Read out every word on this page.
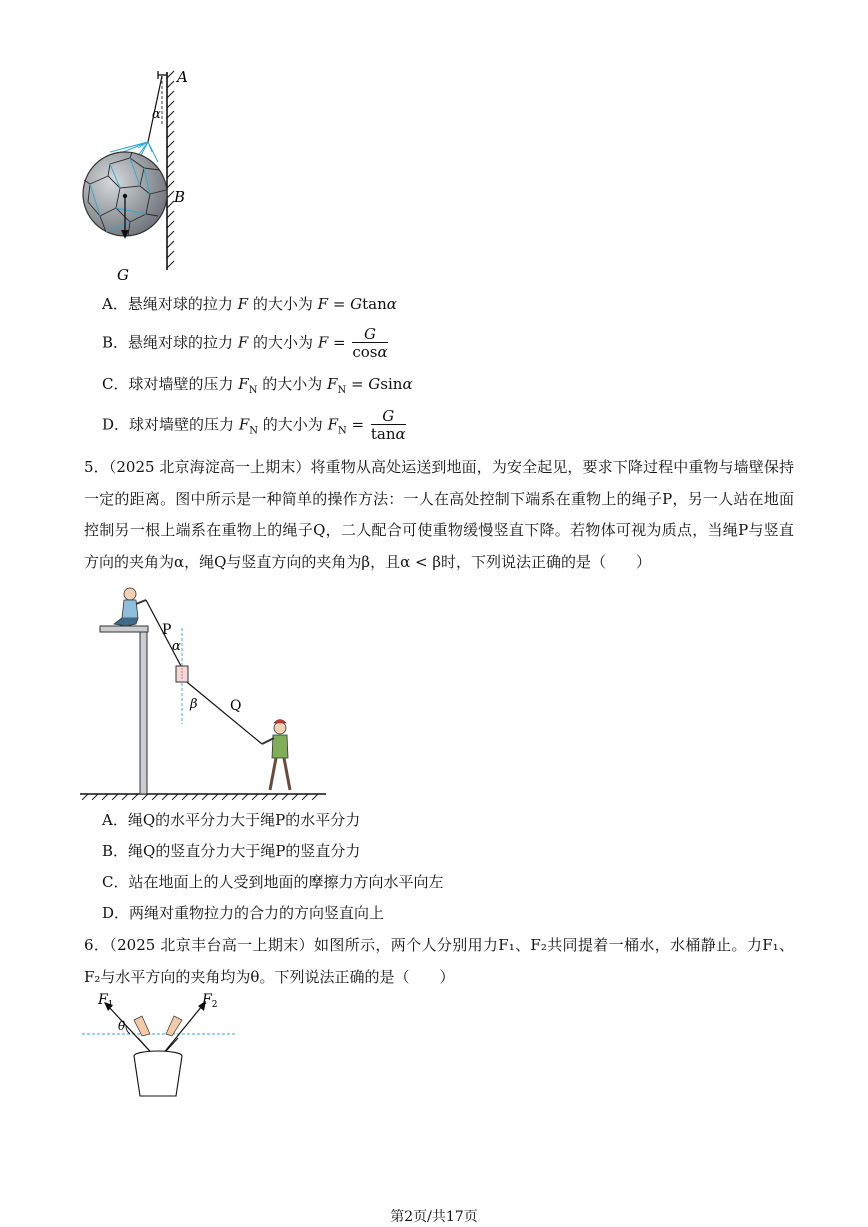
A
B
G
α
A．悬绳对球的拉力 F 的大小为 F = Gtanα
B．悬绳对球的拉力 F 的大小为 $F = \frac{G}{\cos\alpha}$
C．球对墙壁的压力 $F_N$ 的大小为 $F_N = Gsin\alpha$
D．球对墙壁的压力 $F_N$ 的大小为 $F_N = \frac{G}{\tan\alpha}$
5．（2025 北京海淀高一上期末）将重物从高处运送到地面，为安全起见，要求下降过程中重物与墙壁保持一定的距离。图中所示是一种简单的操作方法：一人在高处控制下端系在重物上的绳子P，另一人站在地面控制另一根上端系在重物上的绳子Q，二人配合可使重物缓慢竖直下降。若物体可视为质点，当绳P与竖直方向的夹角为α，绳Q与竖直方向的夹角为β，且α < β时，下列说法正确的是（　　）
P
Q
α
β
A．绳Q的水平分力大于绳P的水平分力
B．绳Q的竖直分力大于绳P的竖直分力
C．站在地面上的人受到地面的摩擦力方向水平向左
D．两绳对重物拉力的合力的方向竖直向上
6．（2025 北京丰台高一上期末）如图所示，两个人分别用力F₁、F₂共同提着一桶水，水桶静止。力F₁、F₂与水平方向的夹角均为θ。下列说法正确的是（　　）
$F_1$	$F_2$
θ
第2页/共17页
